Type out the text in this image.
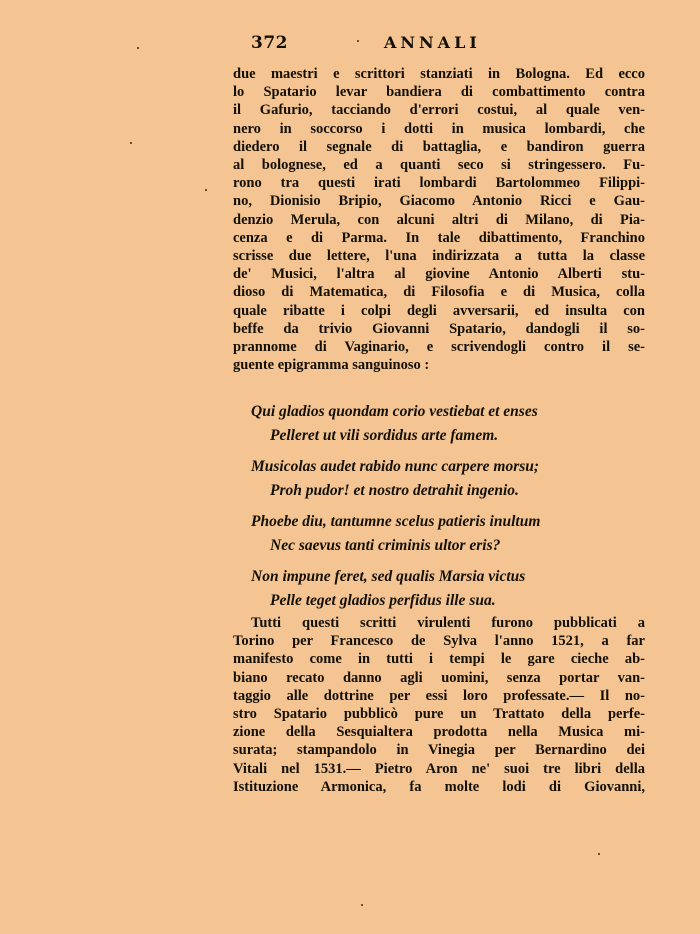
372	ANNALI
due maestri e scrittori stanziati in Bologna. Ed ecco
lo Spatario levar bandiera di combattimento contra
il Gafurio, tacciando d'errori costui, al quale ven-
nero in soccorso i dotti in musica lombardi, che
diedero il segnale di battaglia, e bandiron guerra
al bolognese, ed a quanti seco si stringessero. Fu-
rono tra questi irati lombardi Bartolommeo Filippi-
no, Dionisio Bripio, Giacomo Antonio Ricci e Gau-
denzio Merula, con alcuni altri di Milano, di Pia-
cenza e di Parma. In tale dibattimento, Franchino
scrisse due lettere, l'una indirizzata a tutta la classe
de' Musici, l'altra al giovine Antonio Alberti stu-
dioso di Matematica, di Filosofia e di Musica, colla
quale ribatte i colpi degli avversarii, ed insulta con
beffe da trivio Giovanni Spatario, dandogli il so-
prannome di Vaginario, e scrivendogli contro il se-
guente epigramma sanguinoso :
Qui gladios quondam corio vestiebat et enses
Pelleret ut vili sordidus arte famem.
Musicolas audet rabido nunc carpere morsu;
Proh pudor! et nostro detrahit ingenio.
Phoebe diu, tantumne scelus patieris inultum
Nec saevus tanti criminis ultor eris?
Non impune feret, sed qualis Marsia victus
Pelle teget gladios perfidus ille sua.
Tutti questi scritti virulenti furono pubblicati a
Torino per Francesco de Sylva l'anno 1521, a far
manifesto come in tutti i tempi le gare cieche ab-
biano recato danno agli uomini, senza portar van-
taggio alle dottrine per essi loro professate.— Il no-
stro Spatario pubblicò pure un Trattato della perfe-
zione della Sesquialtera prodotta nella Musica mi-
surata; stampandolo in Vinegia per Bernardino dei
Vitali nel 1531.— Pietro Aron ne' suoi tre libri della
Istituzione Armonica, fa molte lodi di Giovanni,
